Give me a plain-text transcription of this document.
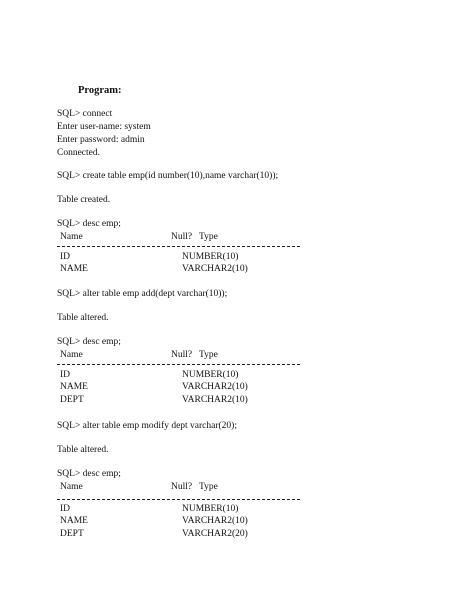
Program:
SQL> connect
Enter user-name: system
Enter password: admin
Connected.
SQL> create table emp(id number(10),name varchar(10));
Table created.
SQL> desc emp;
Name	Null? Type
ID	NUMBER(10)
NAME	VARCHAR2(10)
SQL> alter table emp add(dept varchar(10));
Table altered.
SQL> desc emp;
Name	Null? Type
ID	NUMBER(10)
NAME	VARCHAR2(10)
DEPT	VARCHAR2(10)
SQL> alter table emp modify dept varchar(20);
Table altered.
SQL> desc emp;
Name	Null? Type
ID	NUMBER(10)
NAME	VARCHAR2(10)
DEPT	VARCHAR2(20)
